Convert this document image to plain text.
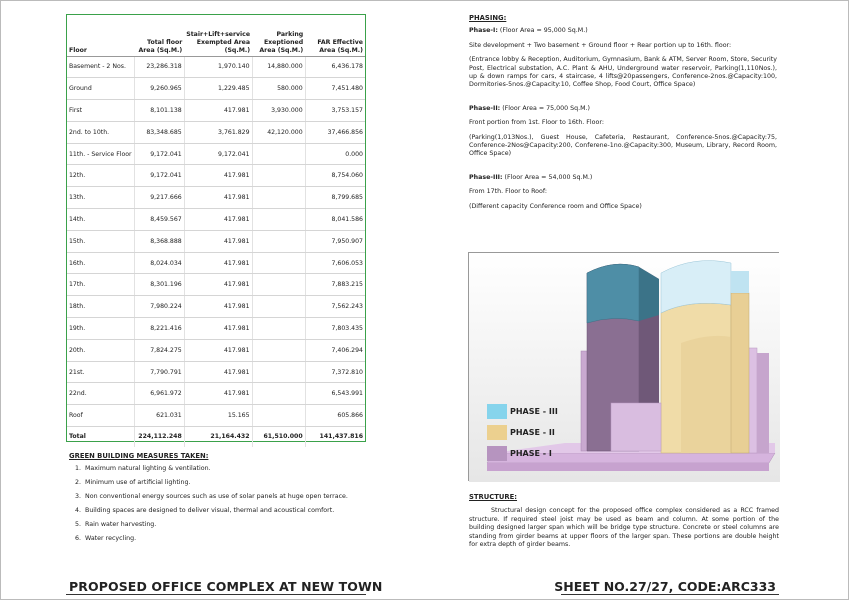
Floor	Total floor Area (Sq.M.)	Stair+Lift+service Exempted Area (Sq.M.)	Parking Exeptioned Area (Sq.M.)	FAR Effective Area (Sq.M.)
Basement - 2 Nos.	23,286.318	1,970.140	14,880.000	6,436.178
Ground	9,260.965	1,229.485	580.000	7,451.480
First	8,101.138	417.981	3,930.000	3,753.157
2nd. to 10th.	83,348.685	3,761.829	42,120.000	37,466.856
11th. - Service Floor	9,172.041	9,172.041		0.000
12th.	9,172.041	417.981		8,754.060
13th.	9,217.666	417.981		8,799.685
14th.	8,459.567	417.981		8,041.586
15th.	8,368.888	417.981		7,950.907
16th.	8,024.034	417.981		7,606.053
17th.	8,301.196	417.981		7,883.215
18th.	7,980.224	417.981		7,562.243
19th.	8,221.416	417.981		7,803.435
20th.	7,824.275	417.981		7,406.294
21st.	7,790.791	417.981		7,372.810
22nd.	6,961.972	417.981		6,543.991
Roof	621.031	15.165		605.866
Total	224,112.248	21,164.432	61,510.000	141,437.816
GREEN BUILDING MEASURES TAKEN:
1. Maximum natural lighting & ventilation.
2. Minimum use of artificial lighting.
3. Non conventional energy sources such as use of solar panels at huge open terrace.
4. Building spaces are designed to deliver visual, thermal and acoustical comfort.
5. Rain water harvesting.
6. Water recycling.
PHASING:

Phase-I: (Floor Area = 95,000 Sq.M.)

Site development + Two basement + Ground floor + Rear portion up to 16th. floor:

(Entrance lobby & Reception, Auditorium, Gymnasium, Bank & ATM, Server Room, Store, Security Post, Electrical substation, A.C. Plant & AHU, Underground water reservoir, Parking(1,110Nos.), up & down ramps for cars, 4 staircase, 4 lifts@20passengers, Conference-2nos.@Capacity:100, Dormitories-5nos.@Capacity:10, Coffee Shop, Food Court, Office Space)

Phase-II: (Floor Area = 75,000 Sq.M.)

Front portion from 1st. Floor to 16th. Floor:

(Parking(1,013Nos.), Guest House, Cafeteria, Restaurant, Conference-5nos.@Capacity:75, Conference-2Nos@Capacity:200, Conferene-1no.@Capacity:300, Museum, Library, Record Room, Office Space)

Phase-III: (Floor Area = 54,000 Sq.M.)

From 17th. Floor to Roof:

(Different capacity Conference room and Office Space)

PHASE - III
PHASE - II
PHASE - I
STRUCTURE:

Structural design concept for the proposed office complex considered as a RCC framed structure. If required steel joist may be used as beam and column. At some portion of the building designed larger span which will be bridge type structure. Concrete or steel columns are standing from girder beams at upper floors of the larger span. These portions are double height for extra depth of girder beams.

PROPOSED OFFICE COMPLEX AT NEW TOWN	SHEET NO.27/27, CODE:ARC333
